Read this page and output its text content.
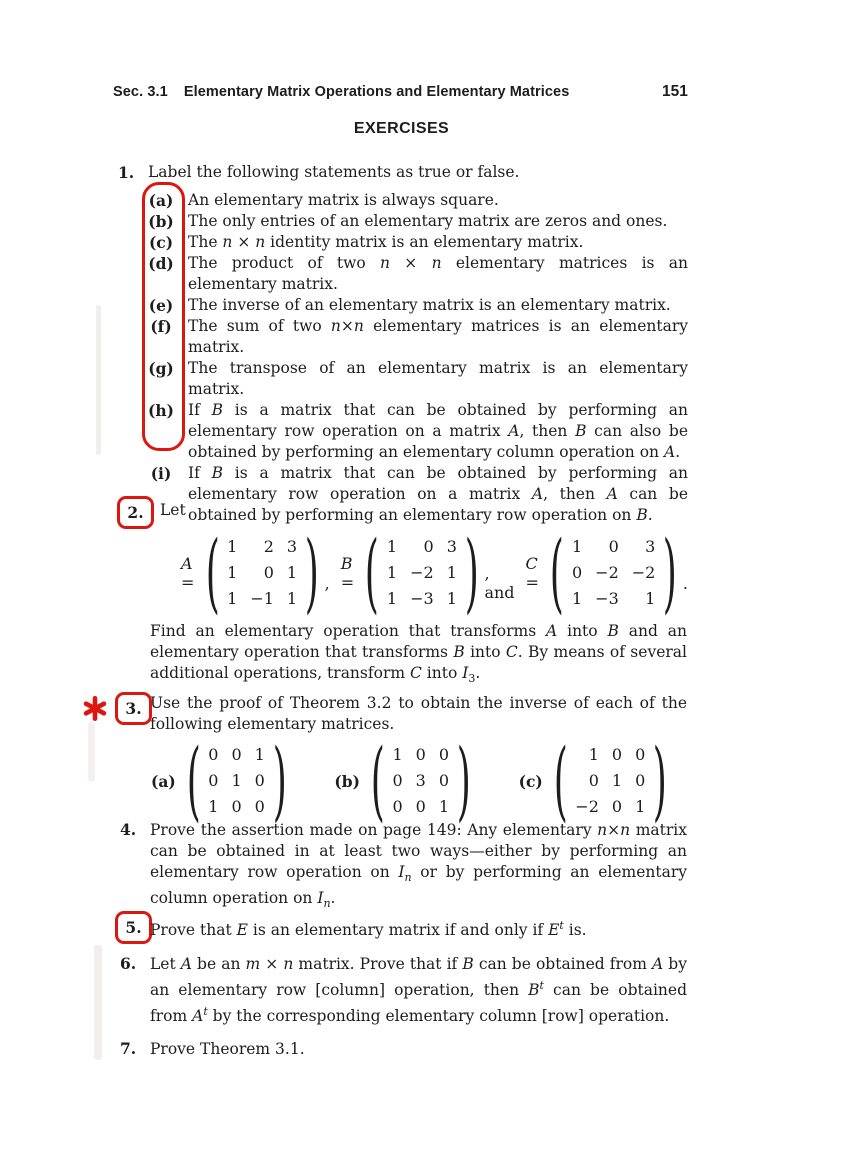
Sec. 3.1 Elementary Matrix Operations and Elementary Matrices	151
EXERCISES
1. Label the following statements as true or false.
(a) An elementary matrix is always square.
(b) The only entries of an elementary matrix are zeros and ones.
(c) The n × n identity matrix is an elementary matrix.
(d) The product of two n × n elementary matrices is an elementary matrix.
(e) The inverse of an elementary matrix is an elementary matrix.
(f)	The sum of two n×n elementary matrices is an elementary matrix.
(g) The transpose of an elementary matrix is an elementary matrix.
(h) If B is a matrix that can be obtained by performing an elementary row operation on a matrix A, then B can also be obtained by performing an elementary column operation on A.
(i)	If B is a matrix that can be obtained by performing an elementary row operation on a matrix A, then A can be obtained by performing an elementary row operation on B.
2. Let
A = ( 1 2 3
1 0 1
1 −1 1 ) ,
B = ( 1 0 3
1 −2 1
1 −3 1 ) , and
C = ( 1 0 3
0 −2 −2
1 −3 1 ) .
Find an elementary operation that transforms A into B and an elementary operation that transforms B into C. By means of several additional operations, transform C into $I_3$.
3. Use the proof of Theorem 3.2 to obtain the inverse of each of the following elementary matrices.
(a) ( 0 0 1
0 1 0
1 0 0 )	(b) ( 1 0 0
0 3 0
0 0 1 )	(c) ( 1 0 0
0 1 0
−2 0 1 )
4. Prove the assertion made on page 149: Any elementary n×n matrix can be obtained in at least two ways—either by performing an elementary row operation on $I_n$ or by performing an elementary column operation on $I_n$.
5. Prove that E is an elementary matrix if and only if $E^t$ is.
6. Let A be an m × n matrix. Prove that if B can be obtained from A by an elementary row [column] operation, then $B^t$ can be obtained from $A^t$ by the corresponding elementary column [row] operation.
7. Prove Theorem 3.1.
